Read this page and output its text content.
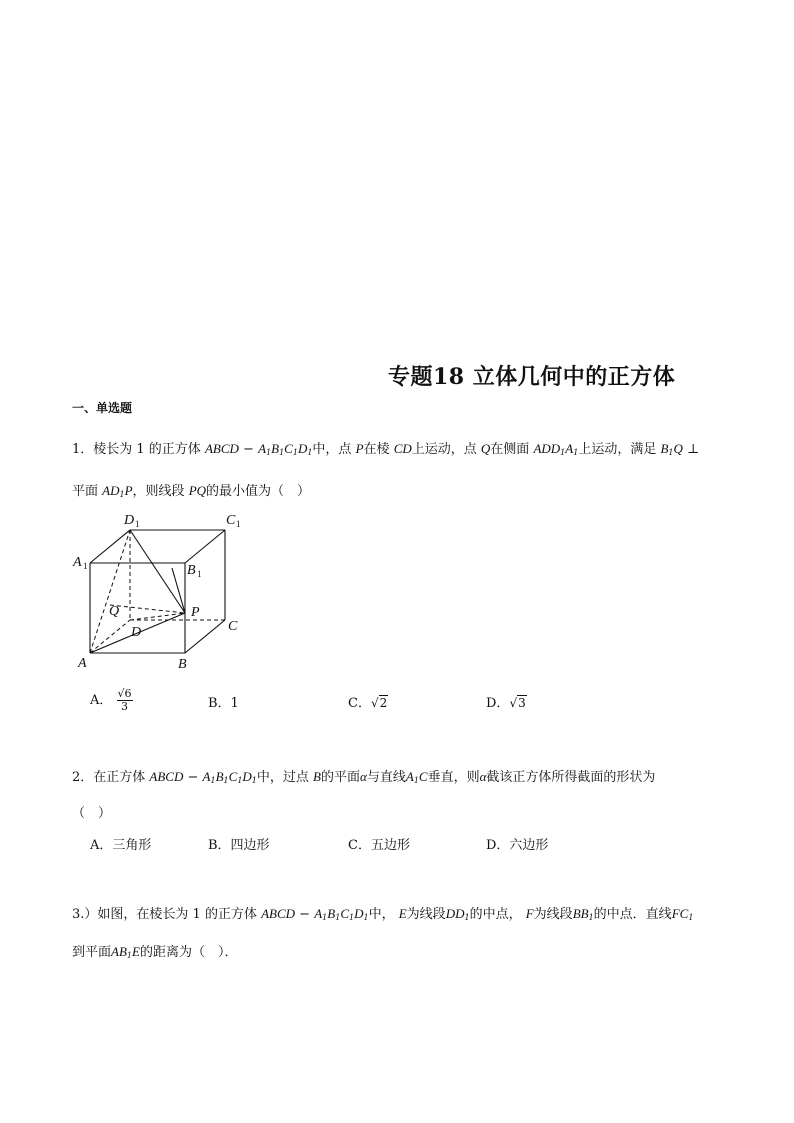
专题18 立体几何中的正方体
一、单选题
1．棱长为 1 的正方体 ABCD − $A_1B_1C_1D_1$中，点 P在棱 CD上运动，点 Q在侧面 $ADD_1A_1$上运动，满足 $B_1Q$ ⊥
平面 $AD_1P$，则线段 PQ的最小值为（　）
D 1	C 1
A 1	B 1
Q	P
D	C
A	B
A． $\frac{√6}{3}$	B．1	C．√2	D．√3
2．在正方体 ABCD − $A_1B_1C_1D_1$中，过点 B的平面α与直线$A_1C$垂直，则α截该正方体所得截面的形状为
（　）
A．三角形	B．四边形	C．五边形	D．六边形
3.）如图，在棱长为 1 的正方体 ABCD − $A_1B_1C_1D_1$中， E为线段$DD_1$的中点， F为线段$BB_1$的中点．直线$FC_1$
到平面$AB_1E$的距离为（　）．
